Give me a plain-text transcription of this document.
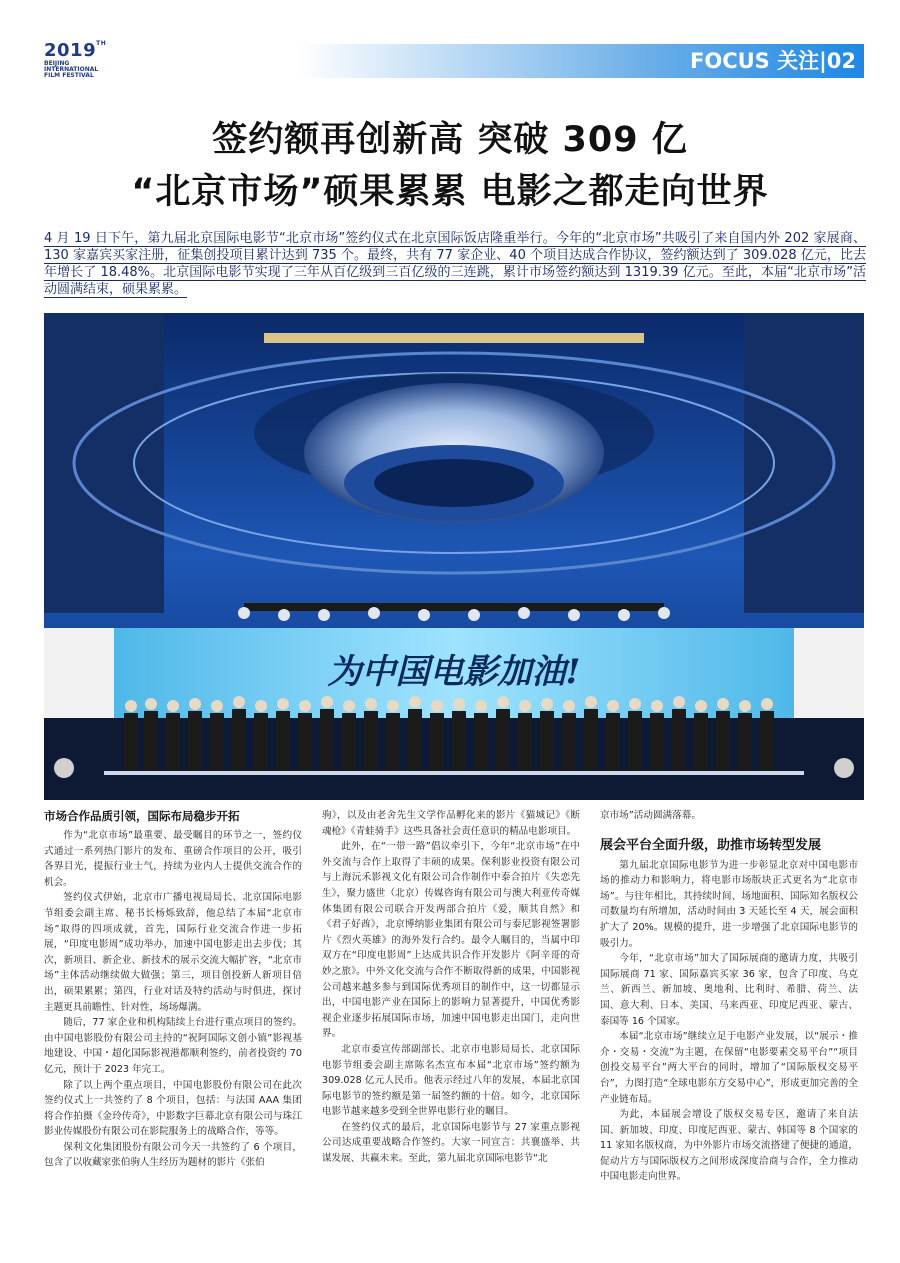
2019TH
BEIJING
INTERNATIONAL
FILM FESTIVAL
FOCUS 关注|02
签约额再创新高 突破 309 亿
“北京市场”硕果累累 电影之都走向世界
4 月 19 日下午，第九届北京国际电影节“北京市场”签约仪式在北京国际饭店隆重举行。今年的“北京市场”共吸引了来自国内外 202 家展商、130 家嘉宾买家注册，征集创投项目累计达到 735 个。最终，共有 77 家企业、40 个项目达成合作协议，签约额达到了 309.028 亿元，比去年增长了 18.48%。北京国际电影节实现了三年从百亿级到三百亿级的三连跳，累计市场签约额达到 1319.39 亿元。至此，本届“北京市场”活动圆满结束，硕果累累。
为中国电影加油!
市场合作品质引领，国际布局稳步开拓

作为“北京市场”最重要、最受瞩目的环节之一，签约仪式通过一系列热门影片的发布、重磅合作项目的公开，吸引各界目光，提振行业士气，持续为业内人士提供交流合作的机会。

签约仪式伊始，北京市广播电视局局长、北京国际电影节组委会副主席、秘书长杨烁致辞，他总结了本届“北京市场”取得的四项成就，首先，国际行业交流合作进一步拓展，“印度电影周”成功举办，加速中国电影走出去步伐；其次，新项目、新企业、新技术的展示交流大幅扩容，“北京市场”主体活动继续做大做强；第三，项目创投新人新项目倍出，硕果累累；第四，行业对话及特约活动与时俱进，探讨主题更具前瞻性、针对性，场场爆满。

随后，77 家企业和机构陆续上台进行重点项目的签约。由中国电影股份有限公司主持的“祝阿国际文创小镇”影视基地建设、中国・超化国际影视港都顺利签约，前者投资约 70 亿元，预计于 2023 年完工。

除了以上两个重点项目，中国电影股份有限公司在此次签约仪式上一共签约了 8 个项目，包括：与法国 AAA 集团将合作拍摄《金玲传奇》，中影数字巨幕北京有限公司与珠江影业传媒股份有限公司在影院服务上的战略合作，等等。

保利文化集团股份有限公司今天一共签约了 6 个项目，包含了以收藏家张伯驹人生经历为题材的影片《张伯

驹》，以及由老舍先生文学作品孵化来的影片《猫城记》《断魂枪》《青蛙骑手》这些具备社会责任意识的精品电影项目。

此外，在“一带一路”倡议牵引下，今年“北京市场”在中外交流与合作上取得了丰硕的成果。保利影业投资有限公司与上海沅禾影视文化有限公司合作制作中泰合拍片《失恋先生》，聚力盛世（北京）传媒咨询有限公司与澳大利亚传奇媒体集团有限公司联合开发两部合拍片《爱，顺其自然》和《君子好酋》，北京博纳影业集团有限公司与泰尼影视签署影片《烈火英雄》的海外发行合约。最令人瞩目的，当属中印双方在“印度电影周”上达成共识合作开发影片《阿辛哥的奇妙之旅》。中外文化交流与合作不断取得新的成果，中国影视公司越来越多参与到国际优秀项目的制作中，这一切都显示出，中国电影产业在国际上的影响力显著提升，中国优秀影视企业逐步拓展国际市场，加速中国电影走出国门，走向世界。

北京市委宣传部副部长、北京市电影局局长、北京国际电影节组委会副主席陈名杰宣布本届“北京市场”签约额为 309.028 亿元人民币。他表示经过八年的发展，本届北京国际电影节的签约额是第一届签约额的十倍。如今，北京国际电影节越来越多受到全世界电影行业的瞩目。

在签约仪式的最后，北京国际电影节与 27 家重点影视公司达成重要战略合作签约。大家一同宣言：共襄盛举、共谋发展、共赢未来。至此，第九届北京国际电影节“北

京市场”活动圆满落幕。

展会平台全面升级，助推市场转型发展

第九届北京国际电影节为进一步彰显北京对中国电影市场的推动力和影响力，将电影市场版块正式更名为“北京市场”。与往年相比，其持续时间、场地面积、国际知名版权公司数量均有所增加，活动时间由 3 天延长至 4 天，展会面积扩大了 20%。规模的提升，进一步增强了北京国际电影节的吸引力。

今年，“北京市场”加大了国际展商的邀请力度，共吸引国际展商 71 家、国际嘉宾买家 36 家，包含了印度、乌克兰、新西兰、新加坡、奥地利、比利时、希腊、荷兰、法国、意大利、日本、美国、马来西亚、印度尼西亚、蒙古、泰国等 16 个国家。

本届“北京市场”继续立足于电影产业发展，以“展示・推介・交易・交流”为主题，在保留“电影要素交易平台”“项目创投交易平台”两大平台的同时，增加了“国际版权交易平台”，力图打造“全球电影东方交易中心”，形成更加完善的全产业链布局。

为此，本届展会增设了版权交易专区，邀请了来自法国、新加坡、印度、印度尼西亚、蒙古、韩国等 8 个国家的 11 家知名版权商，为中外影片市场交流搭建了便捷的通道，促动片方与国际版权方之间形成深度洽商与合作，全力推动中国电影走向世界。
